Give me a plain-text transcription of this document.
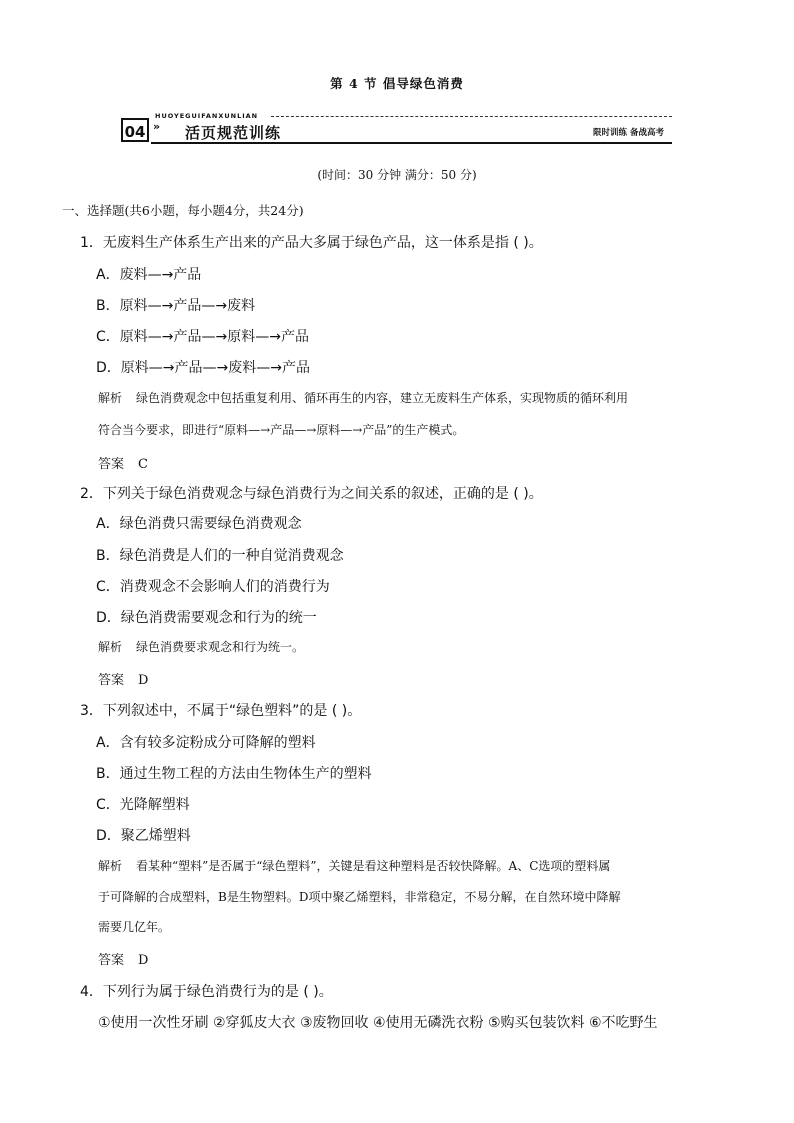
第 4 节 倡导绿色消费
HUOYEGUIFANXUNLIAN
04 » 活页规范训练	限时训练 备战高考
(时间：30 分钟 满分：50 分)
一、选择题(共6小题，每小题4分，共24分)
1．无废料生产体系生产出来的产品大多属于绿色产品，这一体系是指 ( )。
A．废料—→产品
B．原料—→产品—→废料
C．原料—→产品—→原料—→产品
D．原料—→产品—→废料—→产品
解析 绿色消费观念中包括重复利用、循环再生的内容，建立无废料生产体系，实现物质的循环利用
符合当今要求，即进行“原料—→产品—→原料—→产品”的生产模式。
答案 C
2．下列关于绿色消费观念与绿色消费行为之间关系的叙述，正确的是 ( )。
A．绿色消费只需要绿色消费观念
B．绿色消费是人们的一种自觉消费观念
C．消费观念不会影响人们的消费行为
D．绿色消费需要观念和行为的统一
解析 绿色消费要求观念和行为统一。
答案 D
3．下列叙述中，不属于“绿色塑料”的是 ( )。
A．含有较多淀粉成分可降解的塑料
B．通过生物工程的方法由生物体生产的塑料
C．光降解塑料
D．聚乙烯塑料
解析 看某种“塑料”是否属于“绿色塑料”，关键是看这种塑料是否较快降解。A、C选项的塑料属
于可降解的合成塑料，B是生物塑料。D项中聚乙烯塑料，非常稳定，不易分解，在自然环境中降解
需要几亿年。
答案 D
4．下列行为属于绿色消费行为的是 ( )。
①使用一次性牙刷 ②穿狐皮大衣 ③废物回收 ④使用无磷洗衣粉 ⑤购买包装饮料 ⑥不吃野生
